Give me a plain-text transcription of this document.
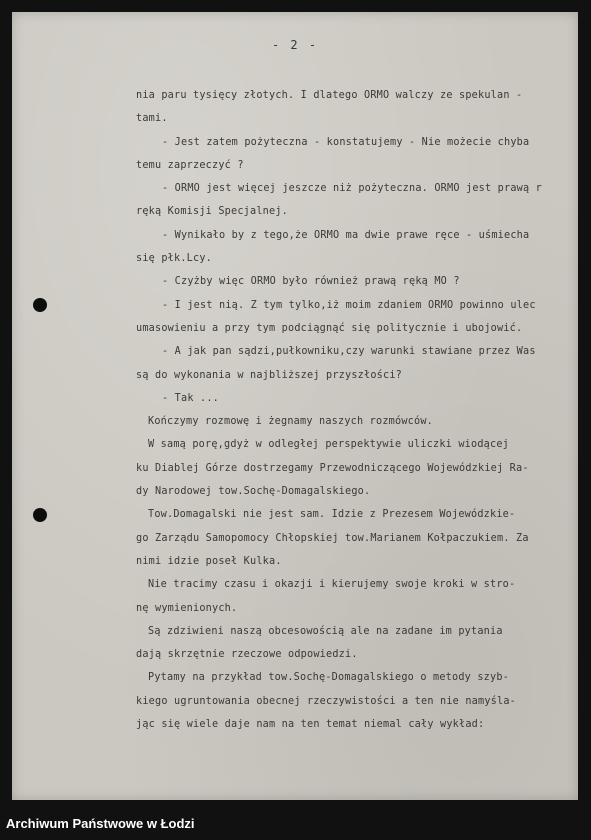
- 2 -
nia paru tysięcy złotych. I dlatego ORMO walczy ze spekulan -
tami.
- Jest zatem pożyteczna - konstatujemy - Nie możecie chyba
temu zaprzeczyć ?
- ORMO jest więcej jeszcze niż pożyteczna. ORMO jest prawą r
ręką Komisji Specjalnej.
- Wynikało by z tego,że ORMO ma dwie prawe ręce - uśmiecha
się płk.Lcy.
- Czyżby więc ORMO było również prawą ręką MO ?
- I jest nią. Z tym tylko,iż moim zdaniem ORMO powinno ulec
umasowieniu a przy tym podciągnąć się politycznie i ubojowić.
- A jak pan sądzi,pułkowniku,czy warunki stawiane przez Was
są do wykonania w najbliższej przyszłości?
- Tak ...
Kończymy rozmowę i żegnamy naszych rozmówców.
W samą porę,gdyż w odległej perspektywie uliczki wiodącej
ku Diablej Górze dostrzegamy Przewodniczącego Wojewódzkiej Ra-
dy Narodowej tow.Sochę-Domagalskiego.
Tow.Domagalski nie jest sam. Idzie z Prezesem Wojewódzkie-
go Zarządu Samopomocy Chłopskiej tow.Marianem Kołpaczukiem. Za
nimi idzie poseł Kulka.
Nie tracimy czasu i okazji i kierujemy swoje kroki w stro-
nę wymienionych.
Są zdziwieni naszą obcesowością ale na zadane im pytania
dają skrzętnie rzeczowe odpowiedzi.
Pytamy na przykład tow.Sochę-Domagalskiego o metody szyb-
kiego ugruntowania obecnej rzeczywistości a ten nie namyśla-
jąc się wiele daje nam na ten temat niemal cały wykład:
Archiwum Państwowe w Łodzi
